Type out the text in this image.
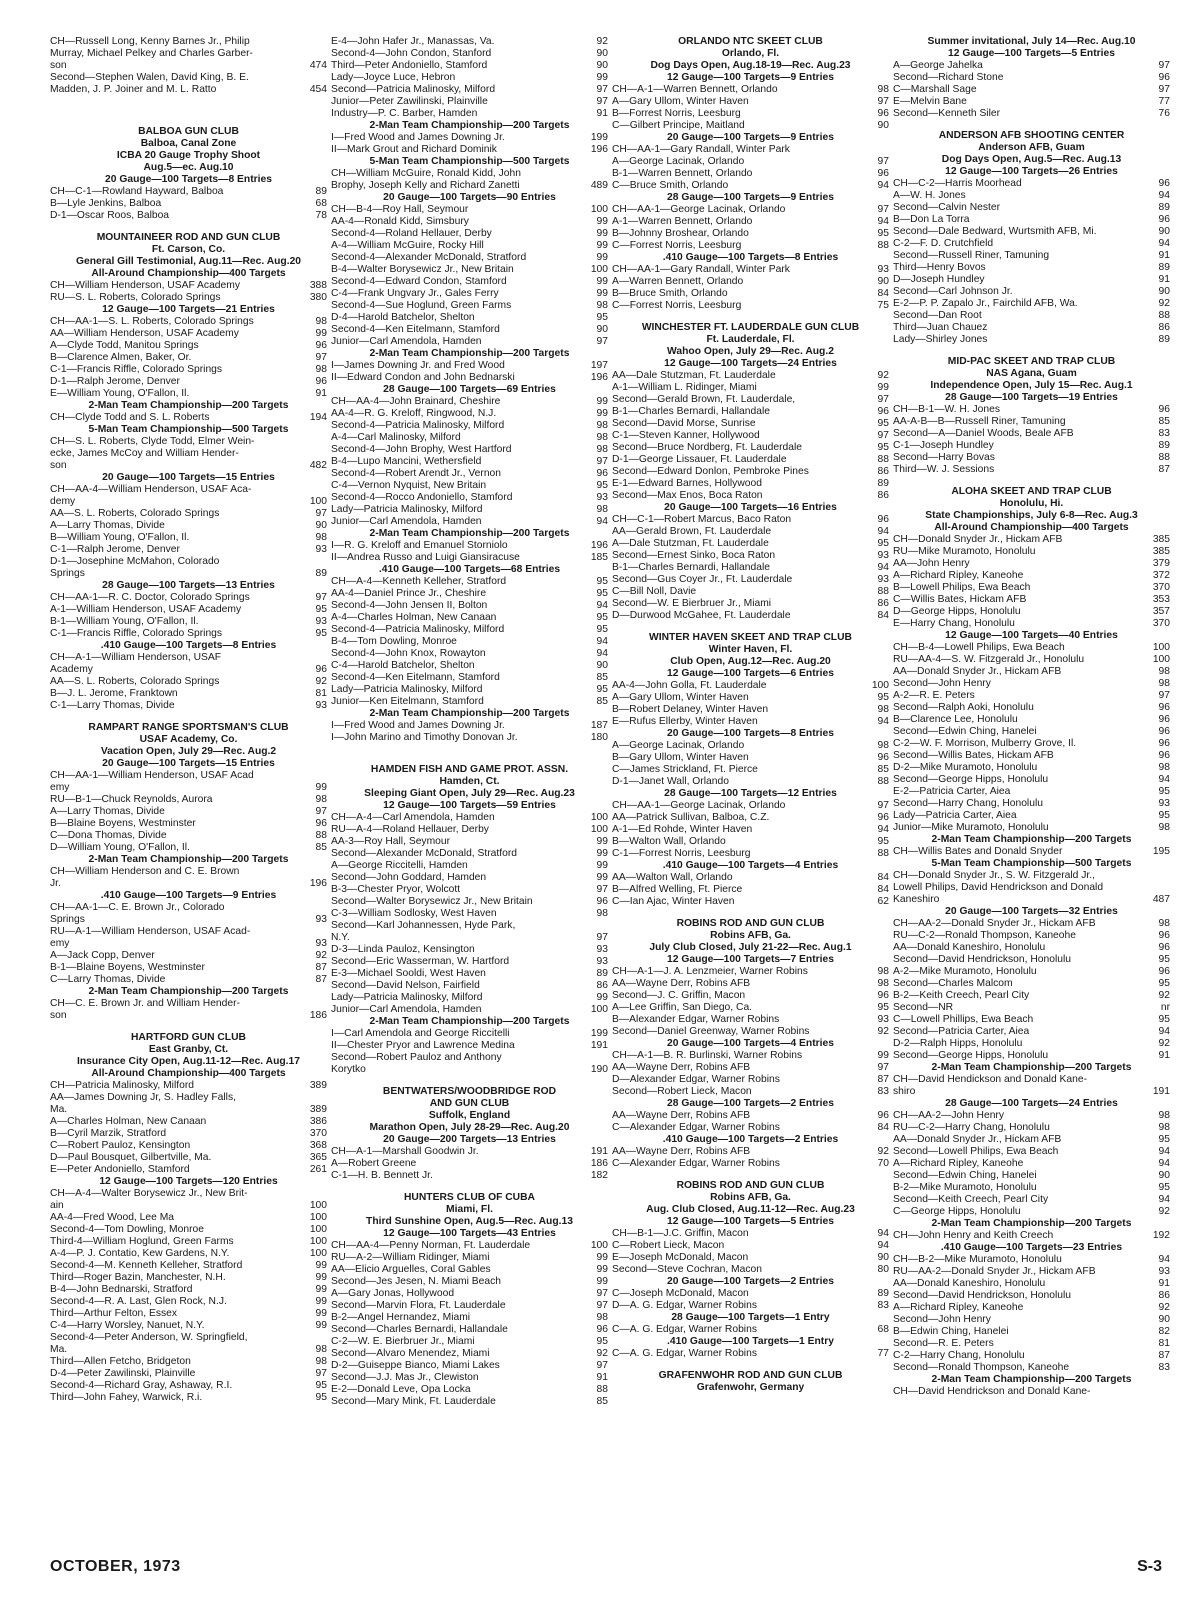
CH—Russell Long, Kenny Barnes Jr., Philip
Murray, Michael Pelkey and Charles Garber-
son	474
Second—Stephen Walen, David King, B. E.
Madden, J. P. Joiner and M. L. Ratto	454
BALBOA GUN CLUB
Balboa, Canal Zone
ICBA 20 Gauge Trophy Shoot
Aug.5—ec. Aug.10
20 Gauge—100 Targets—8 Entries
CH—C-1—Rowland Hayward, Balboa	89
B—Lyle Jenkins, Balboa	68
D-1—Oscar Roos, Balboa	78
MOUNTAINEER ROD AND GUN CLUB
Ft. Carson, Co.
General Gill Testimonial, Aug.11—Rec. Aug.20
All-Around Championship—400 Targets
CH—William Henderson, USAF Academy	388
RU—S. L. Roberts, Colorado Springs	380
12 Gauge—100 Targets—21 Entries
CH—AA-1—S. L. Roberts, Colorado Springs	98
AA—William Henderson, USAF Academy	99
A—Clyde Todd, Manitou Springs	96
B—Clarence Almen, Baker, Or.	97
C-1—Francis Riffle, Colorado Springs	98
D-1—Ralph Jerome, Denver	96
E—William Young, O'Fallon, Il.	91
2-Man Team Championship—200 Targets
CH—Clyde Todd and S. L. Roberts	194
5-Man Team Championship—500 Targets
CH—S. L. Roberts, Clyde Todd, Elmer Wein-
ecke, James McCoy and William Hender-
son	482
20 Gauge—100 Targets—15 Entries
CH—AA-4—William Henderson, USAF Aca-
demy	100
AA—S. L. Roberts, Colorado Springs	97
A—Larry Thomas, Divide	90
B—William Young, O'Fallon, Il.	98
C-1—Ralph Jerome, Denver	93
D-1—Josephine McMahon, Colorado
Springs	89
28 Gauge—100 Targets—13 Entries
CH—AA-1—R. C. Doctor, Colorado Springs	97
A-1—William Henderson, USAF Academy	95
B-1—William Young, O'Fallon, Il.	93
C-1—Francis Riffle, Colorado Springs	95
.410 Gauge—100 Targets—8 Entries
CH—A-1—William Henderson, USAF
Academy	96
AA—S. L. Roberts, Colorado Springs	92
B—J. L. Jerome, Franktown	81
C-1—Larry Thomas, Divide	93
RAMPART RANGE SPORTSMAN'S CLUB
USAF Academy, Co.
Vacation Open, July 29—Rec. Aug.2
20 Gauge—100 Targets—15 Entries
CH—AA-1—William Henderson, USAF Acad
emy	99
RU—B-1—Chuck Reynolds, Aurora	98
A—Larry Thomas, Divide	97
B—Blaine Boyens, Westminster	96
C—Dona Thomas, Divide	88
D—William Young, O'Fallon, Il.	85
2-Man Team Championship—200 Targets
CH—William Henderson and C. E. Brown
Jr.	196
.410 Gauge—100 Targets—9 Entries
CH—AA-1—C. E. Brown Jr., Colorado
Springs	93
RU—A-1—William Henderson, USAF Acad-
emy	93
A—Jack Copp, Denver	92
B-1—Blaine Boyens, Westminster	87
C—Larry Thomas, Divide	87
2-Man Team Championship—200 Targets
CH—C. E. Brown Jr. and William Hender-
son	186
HARTFORD GUN CLUB
East Granby, Ct.
Insurance City Open, Aug.11-12—Rec. Aug.17
All-Around Championship—400 Targets
CH—Patricia Malinosky, Milford	389
AA—James Downing Jr, S. Hadley Falls,
Ma.	389
A—Charles Holman, New Canaan	386
B—Cyril Marzik, Stratford	370
C—Robert Pauloz, Kensington	368
D—Paul Bousquet, Gilbertville, Ma.	365
E—Peter Andoniello, Stamford	261
12 Gauge—100 Targets—120 Entries
CH—A-4—Walter Borysewicz Jr., New Brit-
ain	100
AA-4—Fred Wood, Lee Ma	100
Second-4—Tom Dowling, Monroe	100
Third-4—William Hoglund, Green Farms	100
A-4—P. J. Contatio, Kew Gardens, N.Y.	100
Second-4—M. Kenneth Kelleher, Stratford	99
Third—Roger Bazin, Manchester, N.H.	99
B-4—John Bednarski, Stratford	99
Second-4—R. A. Last, Glen Rock, N.J.	99
Third—Arthur Felton, Essex	99
C-4—Harry Worsley, Nanuet, N.Y.	99
Second-4—Peter Anderson, W. Springfield,
Ma.	98
Third—Allen Fetcho, Bridgeton	98
D-4—Peter Zawilinski, Plainville	97
Second-4—Richard Gray, Ashaway, R.I.	95
Third—John Fahey, Warwick, R.i.	95
E-4—John Hafer Jr., Manassas, Va.	92
Second-4—John Condon, Stanford	90
Third—Peter Andoniello, Stamford	90
Lady—Joyce Luce, Hebron	99
Second—Patricia Malinosky, Milford	97
Junior—Peter Zawilinski, Plainville	97
Industry—P. C. Barber, Hamden	91
2-Man Team Championship—200 Targets
I—Fred Wood and James Downing Jr.	199
II—Mark Grout and Richard Dominik	196
5-Man Team Championship—500 Targets
CH—William McGuire, Ronald Kidd, John
Brophy, Joseph Kelly and Richard Zanetti	489
20 Gauge—100 Targets—90 Entries
CH—B-4—Roy Hall, Seymour	100
AA-4—Ronald Kidd, Simsbury	99
Second-4—Roland Hellauer, Derby	99
A-4—William McGuire, Rocky Hill	99
Second-4—Alexander McDonald, Stratford	99
B-4—Walter Borysewicz Jr., New Britain	100
Second-4—Edward Condon, Stamford	99
C-4—Frank Ungvary Jr., Gales Ferry	99
Second-4—Sue Hoglund, Green Farms	98
D-4—Harold Batchelor, Shelton	95
Second-4—Ken Eitelmann, Stamford	90
Junior—Carl Amendola, Hamden	97
2-Man Team Championship—200 Targets
I—James Downing Jr. and Fred Wood	197
II—Edward Condon and John Bednarski	196
28 Gauge—100 Targets—69 Entries
CH—AA-4—John Brainard, Cheshire	99
AA-4—R. G. Kreloff, Ringwood, N.J.	99
Second-4—Patricia Malinosky, Milford	98
A-4—Carl Malinosky, Milford	98
Second-4—John Brophy, West Hartford	98
B-4—Lupo Mancini, Wethersfield	97
Second-4—Robert Arendt Jr., Vernon	96
C-4—Vernon Nyquist, New Britain	95
Second-4—Rocco Andoniello, Stamford	93
Lady—Patricia Malinosky, Milford	98
Junior—Carl Amendola, Hamden	94
2-Man Team Championship—200 Targets
I—R. G. Kreloff and Emanuel Storniolo	196
II—Andrea Russo and Luigi Giansiracuse	185
.410 Gauge—100 Targets—68 Entries
CH—A-4—Kenneth Kelleher, Stratford	95
AA-4—Daniel Prince Jr., Cheshire	95
Second-4—John Jensen II, Bolton	94
A-4—Charles Holman, New Canaan	95
Second-4—Patricia Malinosky, Milford	95
B-4—Tom Dowling, Monroe	94
Second-4—John Knox, Rowayton	94
C-4—Harold Batchelor, Shelton	90
Second-4—Ken Eitelmann, Stamford	85
Lady—Patricia Malinosky, Milford	95
Junior—Ken Eitelmann, Stamford	85
2-Man Team Championship—200 Targets
I—Fred Wood and James Downing Jr.	187
I—John Marino and Timothy Donovan Jr.	180
HAMDEN FISH AND GAME PROT. ASSN.
Hamden, Ct.
Sleeping Giant Open, July 29—Rec. Aug.23
12 Gauge—100 Targets—59 Entries
CH—A-4—Carl Amendola, Hamden	100
RU—A-4—Roland Hellauer, Derby	100
AA-3—Roy Hall, Seymour	99
Second—Alexander McDonald, Stratford	99
A—George Riccitelli, Hamden	99
Second—John Goddard, Hamden	99
B-3—Chester Pryor, Wolcott	97
Second—Walter Borysewicz Jr., New Britain	96
C-3—William Sodlosky, West Haven	98
Second—Karl Johannessen, Hyde Park,
N.Y.	97
D-3—Linda Pauloz, Kensington	93
Second—Eric Wasserman, W. Hartford	93
E-3—Michael Sooldi, West Haven	89
Second—David Nelson, Fairfield	86
Lady—Patricia Malinosky, Milford	99
Junior—Carl Amendola, Hamden	100
2-Man Team Championship—200 Targets
I—Carl Amendola and George Riccitelli	199
II—Chester Pryor and Lawrence Medina	191
Second—Robert Pauloz and Anthony
Korytko	190
BENTWATERS/WOODBRIDGE ROD
AND GUN CLUB
Suffolk, England
Marathon Open, July 28-29—Rec. Aug.20
20 Gauge—200 Targets—13 Entries
CH—A-1—Marshall Goodwin Jr.	191
A—Robert Greene	186
C-1—H. B. Bennett Jr.	182
HUNTERS CLUB OF CUBA
Miami, Fl.
Third Sunshine Open, Aug.5—Rec. Aug.13
12 Gauge—100 Targets—43 Entries
CH—AA-4—Penny Norman, Ft. Lauderdale	100
RU—A-2—William Ridinger, Miami	99
AA—Elicio Arguelles, Coral Gables	99
Second—Jes Jesen, N. Miami Beach	99
A—Gary Jonas, Hollywood	97
Second—Marvin Flora, Ft. Lauderdale	97
B-2—Angel Hernandez, Miami	98
Second—Charles Bernardi, Hallandale	96
C-2—W. E. Bierbruer Jr., Miami	95
Second—Alvaro Menendez, Miami	92
D-2—Guiseppe Bianco, Miami Lakes	97
Second—J.J. Mas Jr., Clewiston	91
E-2—Donald Leve, Opa Locka	88
Second—Mary Mink, Ft. Lauderdale	85
ORLANDO NTC SKEET CLUB
Orlando, Fl.
Dog Days Open, Aug.18-19—Rec. Aug.23
12 Gauge—100 Targets—9 Entries
CH—A-1—Warren Bennett, Orlando	98
A—Gary Ullom, Winter Haven	97
B—Forrest Norris, Leesburg	96
C—Gilbert Principe, Maitland	90
20 Gauge—100 Targets—9 Entries
CH—AA-1—Gary Randall, Winter Park
A—George Lacinak, Orlando	97
B-1—Warren Bennett, Orlando	96
C—Bruce Smith, Orlando	94
28 Gauge—100 Targets—9 Entries
CH—AA-1—George Lacinak, Orlando	97
A-1—Warren Bennett, Orlando	94
B—Johnny Broshear, Orlando	95
C—Forrest Norris, Leesburg	88
.410 Gauge—100 Targets—8 Entries
CH—AA-1—Gary Randall, Winter Park	93
A—Warren Bennett, Orlando	90
B—Bruce Smith, Orlando	84
C—Forrest Norris, Leesburg	75
WINCHESTER FT. LAUDERDALE GUN CLUB
Ft. Lauderdale, Fl.
Wahoo Open, July 29—Rec. Aug.2
12 Gauge—100 Targets—24 Entries
AA—Dale Stutzman, Ft. Lauderdale	92
A-1—William L. Ridinger, Miami	99
Second—Gerald Brown, Ft. Lauderdale,	97
B-1—Charles Bernardi, Hallandale	96
Second—David Morse, Sunrise	95
C-1—Steven Kanner, Hollywood	97
Second—Bruce Nordberg, Ft. Lauderdale	95
D-1—George Lissauer, Ft. Lauderdale	88
Second—Edward Donlon, Pembroke Pines	86
E-1—Edward Barnes, Hollywood	89
Second—Max Enos, Boca Raton	86
20 Gauge—100 Targets—16 Entries
CH—C-1—Robert Marcus, Baco Raton	96
AA—Gerald Brown, Ft. Lauderdale	94
A—Dale Stutzman, Ft. Lauderdale	95
Second—Ernest Sinko, Boca Raton	93
B-1—Charles Bernardi, Hallandale	94
Second—Gus Coyer Jr., Ft. Lauderdale	93
C—Bill Noll, Davie	88
Second—W. E Bierbruer Jr., Miami	86
D—Durwood McGahee, Ft. Lauderdale	84
WINTER HAVEN SKEET AND TRAP CLUB
Winter Haven, Fl.
Club Open, Aug.12—Rec. Aug.20
12 Gauge—100 Targets—6 Entries
AA-4—John Golla, Ft. Lauderdale	100
A—Gary Ullom, Winter Haven	95
B—Robert Delaney, Winter Haven	98
E—Rufus Ellerby, Winter Haven	94
20 Gauge—100 Targets—8 Entries
A—George Lacinak, Orlando	98
B—Gary Ullom, Winter Haven	96
C—James Strickland, Ft. Pierce	85
D-1—Janet Wall, Orlando	88
28 Gauge—100 Targets—12 Entries
CH—AA-1—George Lacinak, Orlando	97
AA—Patrick Sullivan, Balboa, C.Z.	96
A-1—Ed Rohde, Winter Haven	94
B—Walton Wall, Orlando	95
C-1—Forrest Norris, Leesburg	88
.410 Gauge—100 Targets—4 Entries
AA—Walton Wall, Orlando	84
B—Alfred Welling, Ft. Pierce	84
C—Ian Ajac, Winter Haven	62
ROBINS ROD AND GUN CLUB
Robins AFB, Ga.
July Club Closed, July 21-22—Rec. Aug.1
12 Gauge—100 Targets—7 Entries
CH—A-1—J. A. Lenzmeier, Warner Robins	98
AA—Wayne Derr, Robins AFB	98
Second—J. C. Griffin, Macon	96
A—Lee Griffin, San Diego, Ca.	95
B—Alexander Edgar, Warner Robins	93
Second—Daniel Greenway, Warner Robins	92
20 Gauge—100 Targets—4 Entries
CH—A-1—B. R. Burlinski, Warner Robins	99
AA—Wayne Derr, Robins AFB	97
D—Alexander Edgar, Warner Robins	87
Second—Robert Lieck, Macon	83
28 Gauge—100 Targets—2 Entries
AA—Wayne Derr, Robins AFB	96
C—Alexander Edgar, Warner Robins	84
.410 Gauge—100 Targets—2 Entries
AA—Wayne Derr, Robins AFB	92
C—Alexander Edgar, Warner Robins	70
ROBINS ROD AND GUN CLUB
Robins AFB, Ga.
Aug. Club Closed, Aug.11-12—Rec. Aug.23
12 Gauge—100 Targets—5 Entries
CH—B-1—J.C. Griffin, Macon	94
C—Robert Lieck, Macon	94
E—Joseph McDonald, Macon	90
Second—Steve Cochran, Macon	80
20 Gauge—100 Targets—2 Entries
C—Joseph McDonald, Macon	89
D—A. G. Edgar, Warner Robins	83
28 Gauge—100 Targets—1 Entry
C—A. G. Edgar, Warner Robins	68
.410 Gauge—100 Targets—1 Entry
C—A. G. Edgar, Warner Robins	77
GRAFENWOHR ROD AND GUN CLUB
Grafenwohr, Germany
Summer invitational, July 14—Rec. Aug.10
12 Gauge—100 Targets—5 Entries
A—George Jahelka	97
Second—Richard Stone	96
C—Marshall Sage	97
E—Melvin Bane	77
Second—Kenneth Siler	76
ANDERSON AFB SHOOTING CENTER
Anderson AFB, Guam
Dog Days Open, Aug.5—Rec. Aug.13
12 Gauge—100 Targets—26 Entries
CH—C-2—Harris Moorhead	96
A—W. H. Jones	94
Second—Calvin Nester	89
B—Don La Torra	96
Second—Dale Bedward, Wurtsmith AFB, Mi.	90
C-2—F. D. Crutchfield	94
Second—Russell Riner, Tamuning	91
Third—Henry Bovos	89
D—Joseph Hundley	91
Second—Carl Johnson Jr.	90
E-2—P. P. Zapalo Jr., Fairchild AFB, Wa.	92
Second—Dan Root	88
Third—Juan Chauez	86
Lady—Shirley Jones	89
MID-PAC SKEET AND TRAP CLUB
NAS Agana, Guam
Independence Open, July 15—Rec. Aug.1
28 Gauge—100 Targets—19 Entries
CH—B-1—W. H. Jones	96
AA-A-B—B—Russell Riner, Tamuning	85
Second—A—Daniel Woods, Beale AFB	83
C-1—Joseph Hundley	89
Second—Harry Bovas	88
Third—W. J. Sessions	87
ALOHA SKEET AND TRAP CLUB
Honolulu, Hi.
State Championships, July 6-8—Rec. Aug.3
All-Around Championship—400 Targets
CH—Donald Snyder Jr., Hickam AFB	385
RU—Mike Muramoto, Honolulu	385
AA—John Henry	379
A—Richard Ripley, Kaneohe	372
B—Lowell Philips, Ewa Beach	370
C—Willis Bates, Hickam AFB	353
D—George Hipps, Honolulu	357
E—Harry Chang, Honolulu	370
12 Gauge—100 Targets—40 Entries
CH—B-4—Lowell Philips, Ewa Beach	100
RU—AA-4—S. W. Fitzgerald Jr., Honolulu	100
AA—Donald Snyder Jr., Hickam AFB	98
Second—John Henry	98
A-2—R. E. Peters	97
Second—Ralph Aoki, Honolulu	96
B—Clarence Lee, Honolulu	96
Second—Edwin Ching, Hanelei	96
C-2—W. F. Morrison, Mulberry Grove, Il.	96
Second—Willis Bates, Hickam AFB	96
D-2—Mike Muramoto, Honolulu	98
Second—George Hipps, Honolulu	94
E-2—Patricia Carter, Aiea	95
Second—Harry Chang, Honolulu	93
Lady—Patricia Carter, Aiea	95
Junior—Mike Muramoto, Honolulu	98
2-Man Team Championship—200 Targets
CH—Willis Bates and Donald Snyder	195
5-Man Team Championship—500 Targets
CH—Donald Snyder Jr., S. W. Fitzgerald Jr.,
Lowell Philips, David Hendrickson and Donald
Kaneshiro	487
20 Gauge—100 Targets—32 Entries
CH—AA-2—Donald Snyder Jr., Hickam AFB	98
RU—C-2—Ronald Thompson, Kaneohe	96
AA—Donald Kaneshiro, Honolulu	96
Second—David Hendrickson, Honolulu	95
A-2—Mike Muramoto, Honolulu	96
Second—Charles Malcom	95
B-2—Keith Creech, Pearl City	92
Second—NR	nr
C—Lowell Phillips, Ewa Beach	95
Second—Patricia Carter, Aiea	94
D-2—Ralph Hipps, Honolulu	92
Second—George Hipps, Honolulu	91
2-Man Team Championship—200 Targets
CH—David Hendickson and Donald Kane-
shiro	191
28 Gauge—100 Targets—24 Entries
CH—AA-2—John Henry	98
RU—C-2—Harry Chang, Honolulu	98
AA—Donald Snyder Jr., Hickam AFB	95
Second—Lowell Philips, Ewa Beach	94
A—Richard Ripley, Kaneohe	94
Second—Edwin Ching, Hanelei	90
B-2—Mike Muramoto, Honolulu	95
Second—Keith Creech, Pearl City	94
C—George Hipps, Honolulu	92
2-Man Team Championship—200 Targets
CH—John Henry and Keith Creech	192
.410 Gauge—100 Targets—23 Entries
CH—B-2—Mike Muramoto, Honolulu	94
RU—AA-2—Donald Snyder Jr., Hickam AFB	93
AA—Donald Kaneshiro, Honolulu	91
Second—David Hendrickson, Honolulu	86
A—Richard Ripley, Kaneohe	92
Second—John Henry	90
B—Edwin Ching, Hanelei	82
Second—R. E. Peters	81
C-2—Harry Chang, Honolulu	87
Second—Ronald Thompson, Kaneohe	83
2-Man Team Championship—200 Targets
CH—David Hendrickson and Donald Kane-
OCTOBER, 1973	S-3
